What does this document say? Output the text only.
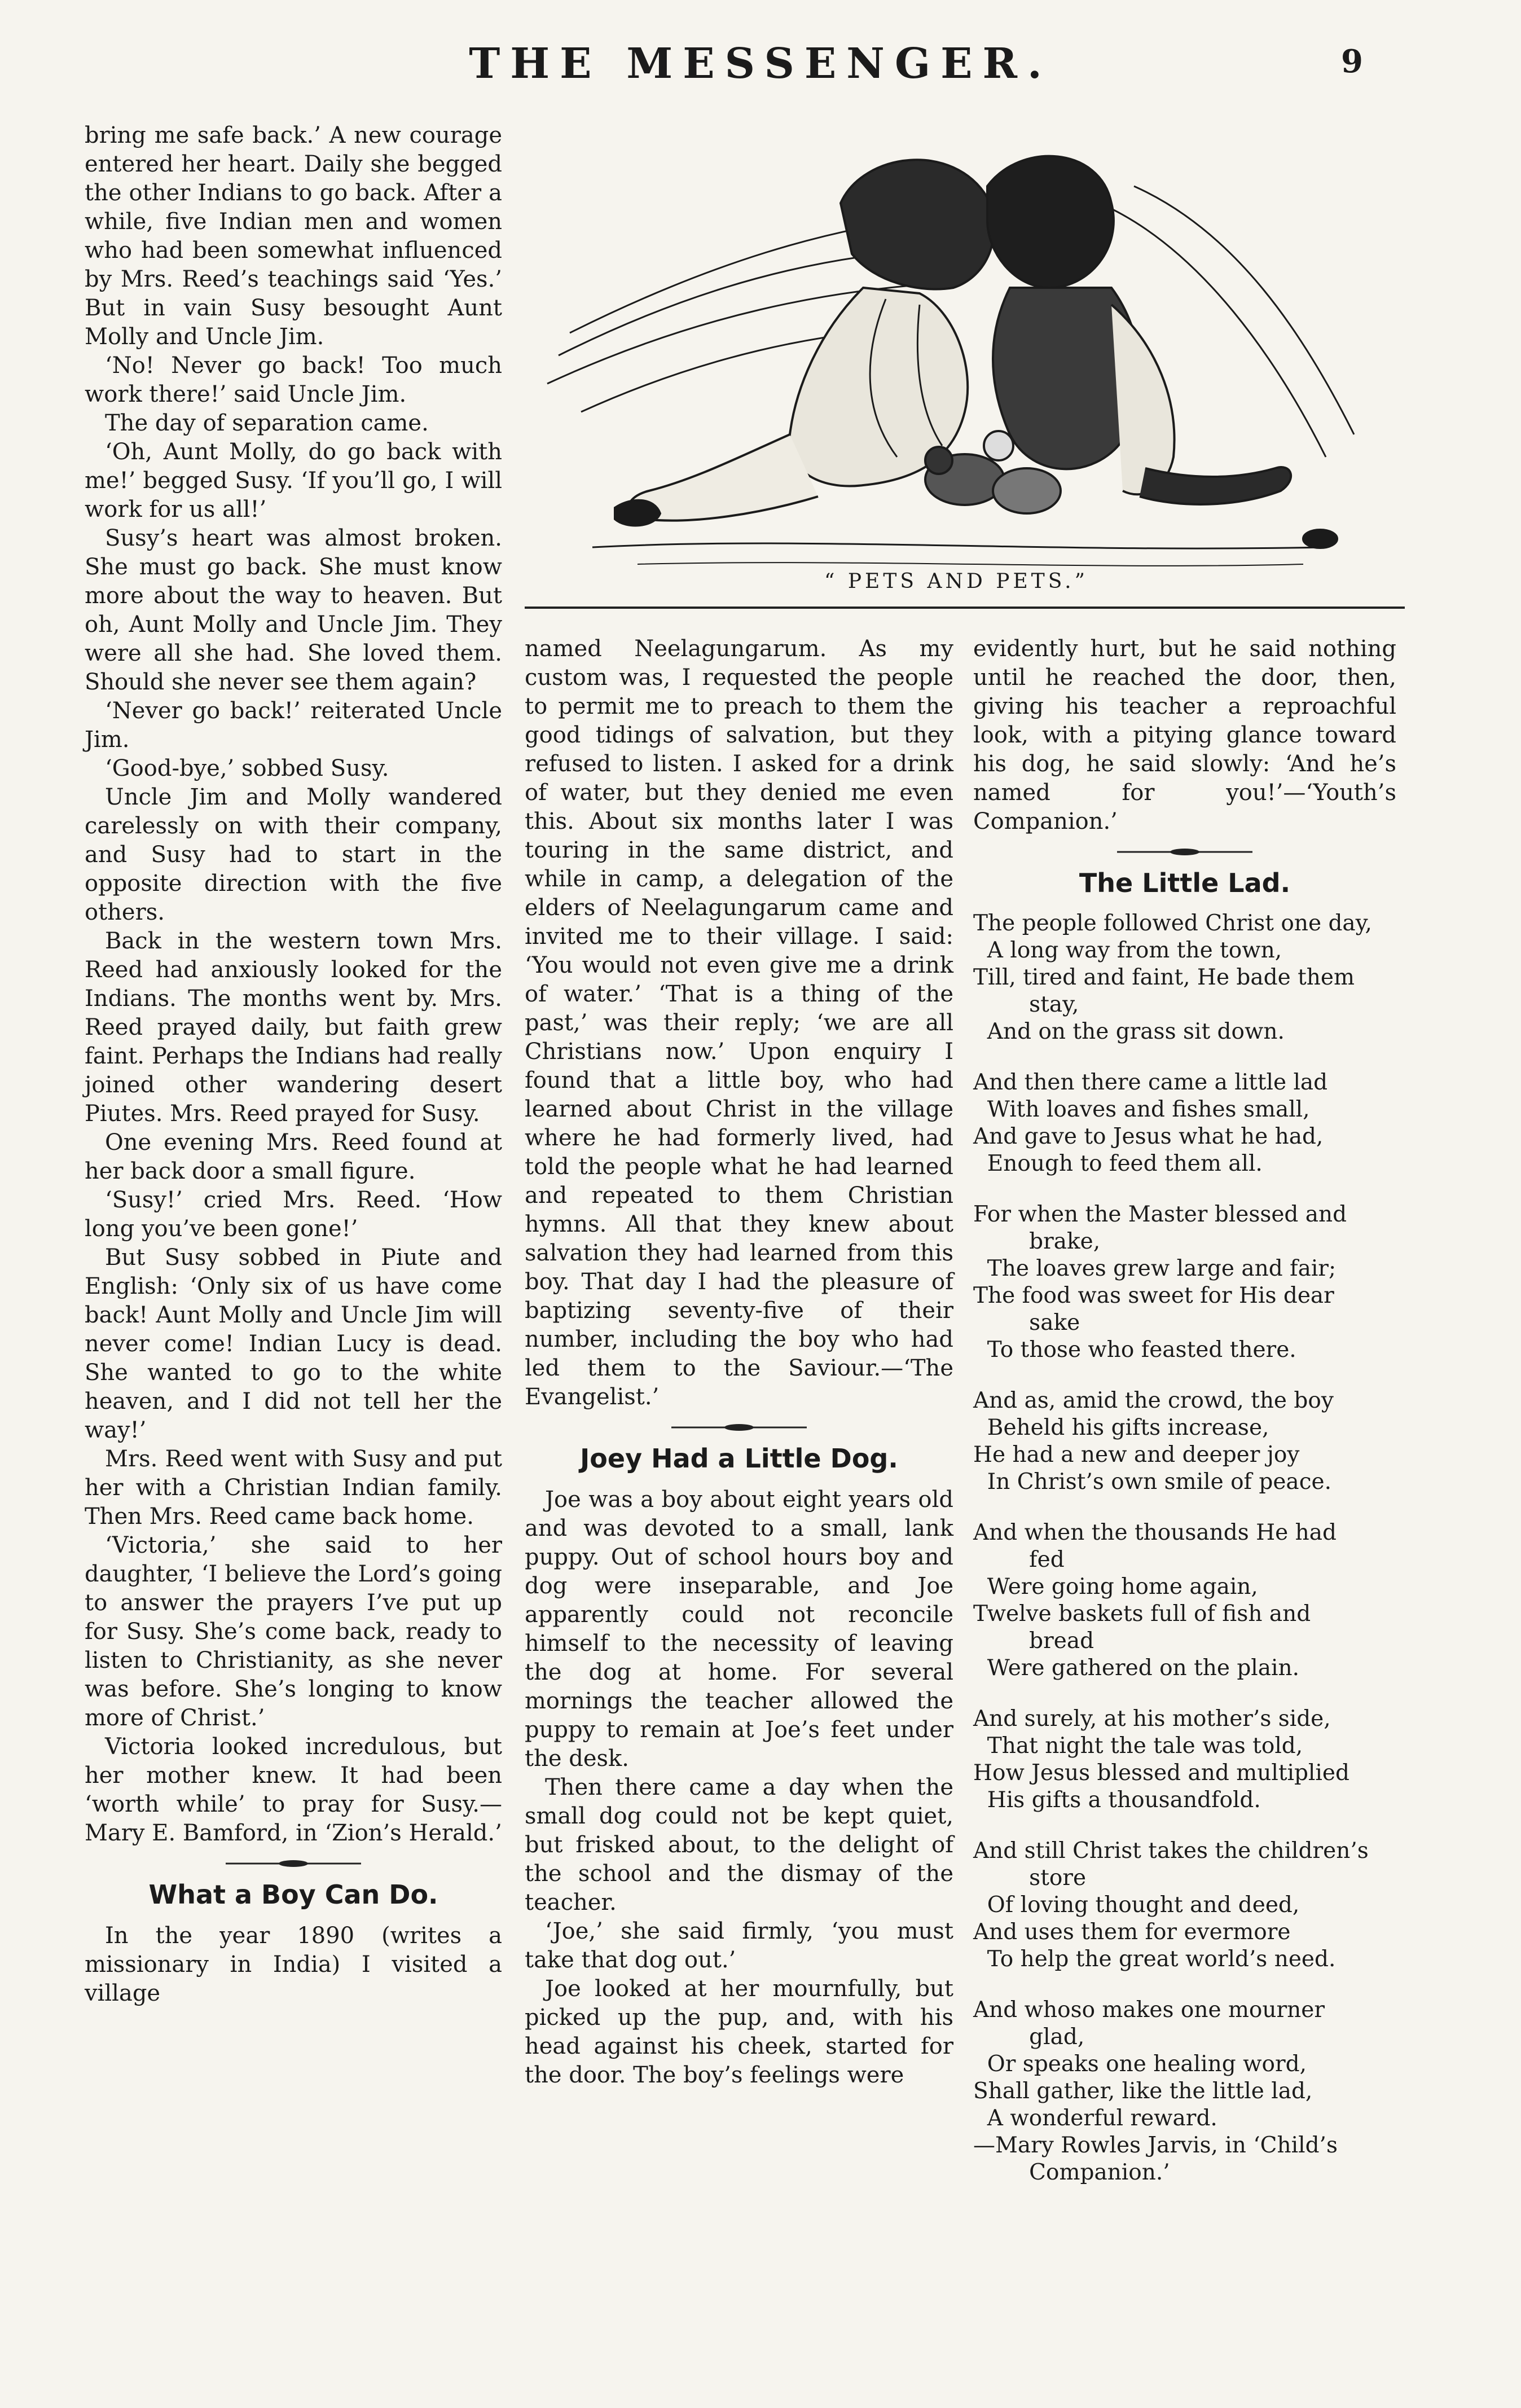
THE MESSENGER.	9

bring me safe back.’ A new courage entered her heart. Daily she begged the other Indians to go back. After a while, five Indian men and women who had been somewhat influenced by Mrs. Reed’s teachings said ‘Yes.’ But in vain Susy besought Aunt Molly and Uncle Jim.

‘No! Never go back! Too much work there!’ said Uncle Jim.

The day of separation came.

‘Oh, Aunt Molly, do go back with me!’ begged Susy. ‘If you’ll go, I will work for us all!’

Susy’s heart was almost broken. She must go back. She must know more about the way to heaven. But oh, Aunt Molly and Uncle Jim. They were all she had. She loved them. Should she never see them again?

‘Never go back!’ reiterated Uncle Jim.

‘Good-bye,’ sobbed Susy.

Uncle Jim and Molly wandered carelessly on with their company, and Susy had to start in the opposite direction with the five others.

Back in the western town Mrs. Reed had anxiously looked for the Indians. The months went by. Mrs. Reed prayed daily, but faith grew faint. Perhaps the Indians had really joined other wandering desert Piutes. Mrs. Reed prayed for Susy.

One evening Mrs. Reed found at her back door a small figure.

‘Susy!’ cried Mrs. Reed. ‘How long you’ve been gone!’

But Susy sobbed in Piute and English: ‘Only six of us have come back! Aunt Molly and Uncle Jim will never come! Indian Lucy is dead. She wanted to go to the white heaven, and I did not tell her the way!’

Mrs. Reed went with Susy and put her with a Christian Indian family. Then Mrs. Reed came back home.

‘Victoria,’ she said to her daughter, ‘I believe the Lord’s going to answer the prayers I’ve put up for Susy. She’s come back, ready to listen to Christianity, as she never was before. She’s longing to know more of Christ.’

Victoria looked incredulous, but her mother knew. It had been ‘worth while’ to pray for Susy.—Mary E. Bamford, in ‘Zion’s Herald.’

What a Boy Can Do.

In the year 1890 (writes a missionary in India) I visited a village

“ PETS AND PETS.”

named Neelagungarum. As my custom was, I requested the people to permit me to preach to them the good tidings of salvation, but they refused to listen. I asked for a drink of water, but they denied me even this. About six months later I was touring in the same district, and while in camp, a delegation of the elders of Neelagungarum came and invited me to their village. I said: ‘You would not even give me a drink of water.’ ‘That is a thing of the past,’ was their reply; ‘we are all Christians now.’ Upon enquiry I found that a little boy, who had learned about Christ in the village where he had formerly lived, had told the people what he had learned and repeated to them Christian hymns. All that they knew about salvation they had learned from this boy. That day I had the pleasure of baptizing seventy-five of their number, including the boy who had led them to the Saviour.—‘The Evangelist.’

Joey Had a Little Dog.

Joe was a boy about eight years old and was devoted to a small, lank puppy. Out of school hours boy and dog were inseparable, and Joe apparently could not reconcile himself to the necessity of leaving the dog at home. For several mornings the teacher allowed the puppy to remain at Joe’s feet under the desk.

Then there came a day when the small dog could not be kept quiet, but frisked about, to the delight of the school and the dismay of the teacher.

‘Joe,’ she said firmly, ‘you must take that dog out.’

Joe looked at her mournfully, but picked up the pup, and, with his head against his cheek, started for the door. The boy’s feelings were

evidently hurt, but he said nothing until he reached the door, then, giving his teacher a reproachful look, with a pitying glance toward his dog, he said slowly: ‘And he’s named for you!’—‘Youth’s Companion.’

The Little Lad.
The people followed Christ one day,
A long way from the town,
Till, tired and faint, He bade them
stay,
And on the grass sit down.
And then there came a little lad
With loaves and fishes small,
And gave to Jesus what he had,
Enough to feed them all.
For when the Master blessed and
brake,
The loaves grew large and fair;
The food was sweet for His dear
sake
To those who feasted there.
And as, amid the crowd, the boy
Beheld his gifts increase,
He had a new and deeper joy
In Christ’s own smile of peace.
And when the thousands He had
fed
Were going home again,
Twelve baskets full of fish and
bread
Were gathered on the plain.
And surely, at his mother’s side,
That night the tale was told,
How Jesus blessed and multiplied
His gifts a thousandfold.
And still Christ takes the children’s
store
Of loving thought and deed,
And uses them for evermore
To help the great world’s need.
And whoso makes one mourner
glad,
Or speaks one healing word,
Shall gather, like the little lad,
A wonderful reward.
—Mary Rowles Jarvis, in ‘Child’s
Companion.’
